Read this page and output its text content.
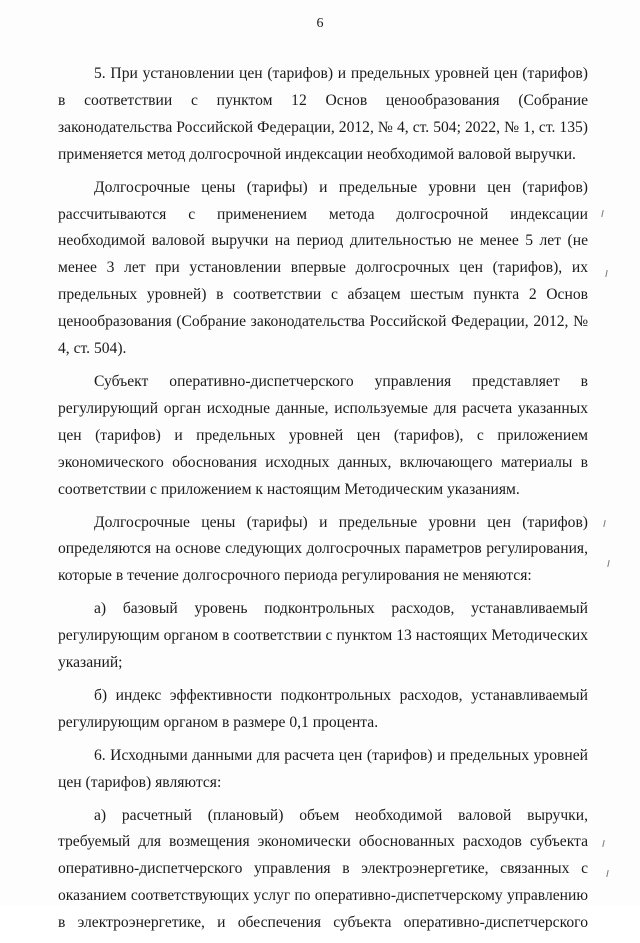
6

5. При установлении цен (тарифов) и предельных уровней цен (тарифов) в соответствии с пунктом 12 Основ ценообразования (Собрание законодательства Российской Федерации, 2012, № 4, ст. 504; 2022, № 1, ст. 135) применяется метод долгосрочной индексации необходимой валовой выручки.

Долгосрочные цены (тарифы) и предельные уровни цен (тарифов) рассчитываются с применением метода долгосрочной индексации необходимой валовой выручки на период длительностью не менее 5 лет (не менее 3 лет при установлении впервые долгосрочных цен (тарифов), их предельных уровней) в соответствии с абзацем шестым пункта 2 Основ ценообразования (Собрание законодательства Российской Федерации, 2012, № 4, ст. 504).

Субъект оперативно-диспетчерского управления представляет в регулирующий орган исходные данные, используемые для расчета указанных цен (тарифов) и предельных уровней цен (тарифов), с приложением экономического обоснования исходных данных, включающего материалы в соответствии с приложением к настоящим Методическим указаниям.

Долгосрочные цены (тарифы) и предельные уровни цен (тарифов) определяются на основе следующих долгосрочных параметров регулирования, которые в течение долгосрочного периода регулирования не меняются:

а) базовый уровень подконтрольных расходов, устанавливаемый регулирующим органом в соответствии с пунктом 13 настоящих Методических указаний;

б) индекс эффективности подконтрольных расходов, устанавливаемый регулирующим органом в размере 0,1 процента.

6. Исходными данными для расчета цен (тарифов) и предельных уровней цен (тарифов) являются:

а) расчетный (плановый) объем необходимой валовой выручки, требуемый для возмещения экономически обоснованных расходов субъекта оперативно-диспетчерского управления в электроэнергетике, связанных с оказанием соответствующих услуг по оперативно-диспетчерскому управлению в электроэнергетике, и обеспечения субъекта оперативно-диспетчерского
